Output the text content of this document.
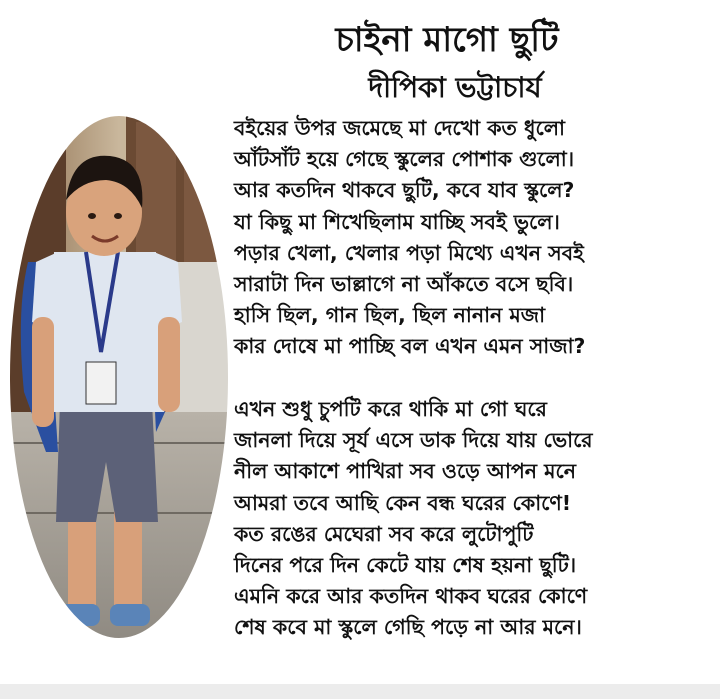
চাইনা মাগো ছুটি
দীপিকা ভট্টাচার্য
বইয়ের উপর জমেছে মা দেখো কত ধুলো
আঁটসাঁট হয়ে গেছে স্কুলের পোশাক গুলো।
আর কতদিন থাকবে ছুটি, কবে যাব স্কুলে?
যা কিছু মা শিখেছিলাম যাচ্ছি সবই ভুলে।
পড়ার খেলা, খেলার পড়া মিথ্যে এখন সবই
সারাটা দিন ভাল্লাগে না আঁকতে বসে ছবি।
হাসি ছিল, গান ছিল, ছিল নানান মজা
কার দোষে মা পাচ্ছি বল এখন এমন সাজা?
এখন শুধু চুপটি করে থাকি মা গো ঘরে
জানলা দিয়ে সূর্য এসে ডাক দিয়ে যায় ভোরে
নীল আকাশে পাখিরা সব ওড়ে আপন মনে
আমরা তবে আছি কেন বন্ধ ঘরের কোণে!
কত রঙের মেঘেরা সব করে লুটোপুটি
দিনের পরে দিন কেটে যায় শেষ হয়না ছুটি।
এমনি করে আর কতদিন থাকব ঘরের কোণে
শেষ কবে মা স্কুলে গেছি পড়ে না আর মনে।
